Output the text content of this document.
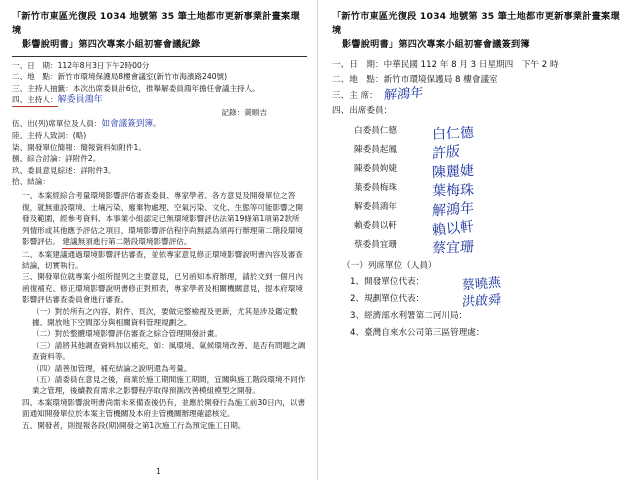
「新竹市東區光復段 1034 地號第 35 筆土地都市更新事業計畫案環境
影響說明書」第四次專案小組初審會議紀錄
一、日　期：112年8月3日下午2時00分
二、地　點：新竹市環境保護局8樓會議室(新竹市海濱路240號)
三、主持人抽籤：本次出席委員計6位，推舉解委員鴻年擔任會議主持人。
四、主持人：解委員鴻年
　　記錄：黃順吉
伍、出(列)席單位及人員：如會議簽到簿。
陸、主持人致詞：(略)
柒、開發單位簡報：簡報資料如附件1。
捌、綜合討論：詳附件2。
玖、委員意見綜述：詳附件3。
拾、結論：
一、本案經綜合考量環境影響評估審查委員、專家學者、各方意見及開發單位之答復，就無重設環境、土壤污染、廢棄物處理、空氣污染、文化、生態等可能影響之開發及範圍，經參考資料、本事業小組認定已無環境影響評估法第19條第1項第2款所列情形或其他應予評估之項目，環境影響評估程序尚無認為須再行辦理第二階段環境影響評估。 建議無須進行第二階段環境影響評估。
二、本案建議通過環境影響評估審查，並依專家意見修正環境影響說明書內容及審查結論，切實執行。
三、開發單位就專案小組所提列之主要意見，已另函知本府辦理，請於文到一個月內函復補充、修正環境影響說明書修正對照表，專家學者及相關機關意見，提本府環境影響評估審查委員會進行審查。
（一）對於所有之內容、附件、頁次，要做完整檢視及更新，尤其是涉及鑑定數據、開放地下空間部分與相關資料管理規劃之。
（二）對於整體環境影響評估審查之綜合管理開發計畫。
（三）請將其他調查資料加以補充，如：風環境、氣候環境改善、是否有問題之調查資料等。
（四）請善加管理，補充結論之說明還為考量。
（五）請委員在意見之後，商業於施工期間施工期間，宜關與施工階段環境不同作業之管理，後續教育需求之影響程序取得預測改善模組模型之開發。
四、本案環境影響說明書尚需未來備查後仍有，並應於開發行為施工前30日內，以書面通知開發單位於本案主管機關及本府主管機關辦理確認核定。
五、開發者，則提報各段(期)開發之第1次施工行為預定施工日期。
1
「新竹市東區光復段 1034 地號第 35 筆土地都市更新事業計畫案環境
影響說明書」第四次專案小組初審會議簽到簿
一、日　期：中華民國 112 年 8 月 3 日星期四　下午 2 時
二、地　點：新竹市環境保護局 8 樓會議室
三、主 席： 解鴻年
四、出席委員：
白委員仁德	白仁德
陳委員起鳳	許版
陳委員姁婕	陳麗婕
葉委員梅珠	葉梅珠
解委員鴻年	解鴻年
賴委員以軒	賴以軒
蔡委員宜珊	蔡宜珊
（一）列席單位（人員）
1、 開發單位代表：	蔡曉燕
2、 規劃單位代表：	洪啟舜
3、 經濟部水利署第二河川局：
4、 臺灣自來水公司第三區管理處：
